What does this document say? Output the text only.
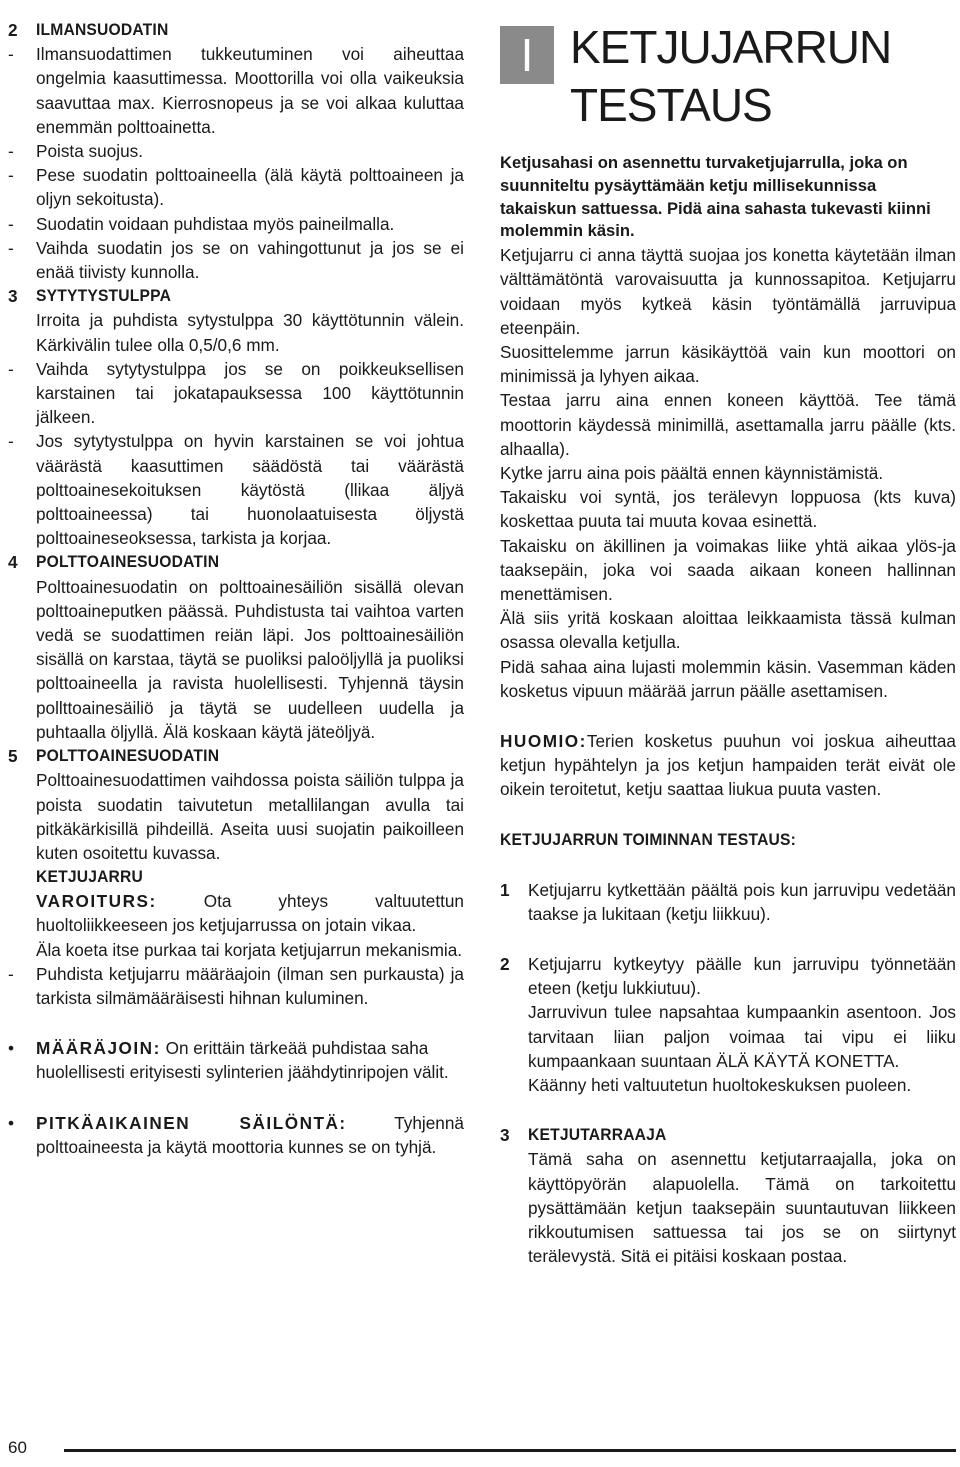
2	ILMANSUODATIN
-	Ilmansuodattimen tukkeutuminen voi aiheuttaa ongelmia kaasuttimessa. Moottorilla voi olla vaikeuksia saavuttaa max. Kierrosnopeus ja se voi alkaa kuluttaa enemmän polttoainetta.

-	Poista suojus.

-	Pese suodatin polttoaineella (älä käytä polttoaineen ja oljyn sekoitusta).

-	Suodatin voidaan puhdistaa myös paineilmalla.

-	Vaihda suodatin jos se on vahingottunut ja jos se ei enää tiivisty kunnolla.

3	SYTYTYSTULPPA

Irroita ja puhdista sytystulppa 30 käyttötunnin välein. Kärkivälin tulee olla 0,5/0,6 mm.

-	Vaihda sytytystulppa jos se on poikkeuksellisen karstainen tai jokatapauksessa 100 käyttötunnin jälkeen.

-	Jos sytytystulppa on hyvin karstainen se voi johtua väärästä kaasuttimen säädöstä tai väärästä polttoainesekoituksen käytöstä (llikaa äljyä polttoaineessa) tai huonolaatuisesta öljystä polttoaineseoksessa, tarkista ja korjaa.

4	POLTTOAINESUODATIN

Polttoainesuodatin on polttoainesäiliön sisällä olevan polttoaineputken päässä. Puhdistusta tai vaihtoa varten vedä se suodattimen reiän läpi. Jos polttoainesäiliön sisällä on karstaa, täytä se puoliksi paloöljyllä ja puoliksi polttoaineella ja ravista huolellisesti. Tyhjennä täysin pollttoainesäiliö ja täytä se uudelleen uudella ja puhtaalla öljyllä. Älä koskaan käytä jäteöljyä.

5	POLTTOAINESUODATIN

Polttoainesuodattimen vaihdossa poista säiliön tulppa ja poista suodatin taivutetun metallilangan avulla tai pitkäkärkisillä pihdeillä. Aseita uusi suojatin paikoilleen kuten osoitettu kuvassa.

KETJUJARRU

VAROITURS: Ota yhteys valtuutettun huoltoliikkeeseen jos ketjujarrussa on jotain vikaa.

Äla koeta itse purkaa tai korjata ketjujarrun mekanismia.

-	Puhdista ketjujarru määräajoin (ilman sen purkausta) ja tarkista silmämääräisesti hihnan kuluminen.

•	MÄÄRÄJOIN: On erittäin tärkeää puhdistaa saha huolellisesti erityisesti sylinterien jäähdytinripojen välit.

•	PITKÄAIKAINEN SÄILÖNTÄ: Tyhjennä polttoaineesta ja käytä moottoria kunnes se on tyhjä.

I KETJUJARRUN
TESTAUS

Ketjusahasi on asennettu turvaketjujarrulla, joka on suunniteltu pysäyttämään ketju millisekunnissa takaiskun sattuessa. Pidä aina sahasta tukevasti kiinni molemmin käsin.

Ketjujarru ci anna täyttä suojaa jos konetta käytetään ilman välttämätöntä varovaisuutta ja kunnossapitoa. Ketjujarru voidaan myös kytkeä käsin työntämällä jarruvipua eteenpäin.

Suosittelemme jarrun käsikäyttöä vain kun moottori on minimissä ja lyhyen aikaa.

Testaa jarru aina ennen koneen käyttöä. Tee tämä moottorin käydessä minimillä, asettamalla jarru päälle (kts. alhaalla).

Kytke jarru aina pois päältä ennen käynnistämistä.

Takaisku voi syntä, jos terälevyn loppuosa (kts kuva) koskettaa puuta tai muuta kovaa esinettä.

Takaisku on äkillinen ja voimakas liike yhtä aikaa ylös-ja taaksepäin, joka voi saada aikaan koneen hallinnan menettämisen.

Älä siis yritä koskaan aloittaa leikkaamista tässä kulman osassa olevalla ketjulla.

Pidä sahaa aina lujasti molemmin käsin. Vasemman käden kosketus vipuun määrää jarrun päälle asettamisen.

HUOMIO:Terien kosketus puuhun voi joskua aiheuttaa ketjun hypähtelyn ja jos ketjun hampaiden terät eivät ole oikein teroitetut, ketju saattaa liukua puuta vasten.

KETJUJARRUN TOIMINNAN TESTAUS:
1	Ketjujarru kytkettään päältä pois kun jarruvipu vedetään taakse ja lukitaan (ketju liikkuu).

2	Ketjujarru kytkeytyy päälle kun jarruvipu työnnetään eteen (ketju lukkiutuu).

Jarruvivun tulee napsahtaa kumpaankin asentoon. Jos tarvitaan liian paljon voimaa tai vipu ei liiku kumpaankaan suuntaan ÄLÄ KÄYTÄ KONETTA.

Käänny heti valtuutetun huoltokeskuksen puoleen.

3	KETJUTARRAAJA

Tämä saha on asennettu ketjutarraajalla, joka on käyttöpyörän alapuolella. Tämä on tarkoitettu pysättämään ketjun taaksepäin suuntautuvan liikkeen rikkoutumisen sattuessa tai jos se on siirtynyt terälevystä. Sitä ei pitäisi koskaan postaa.

60
